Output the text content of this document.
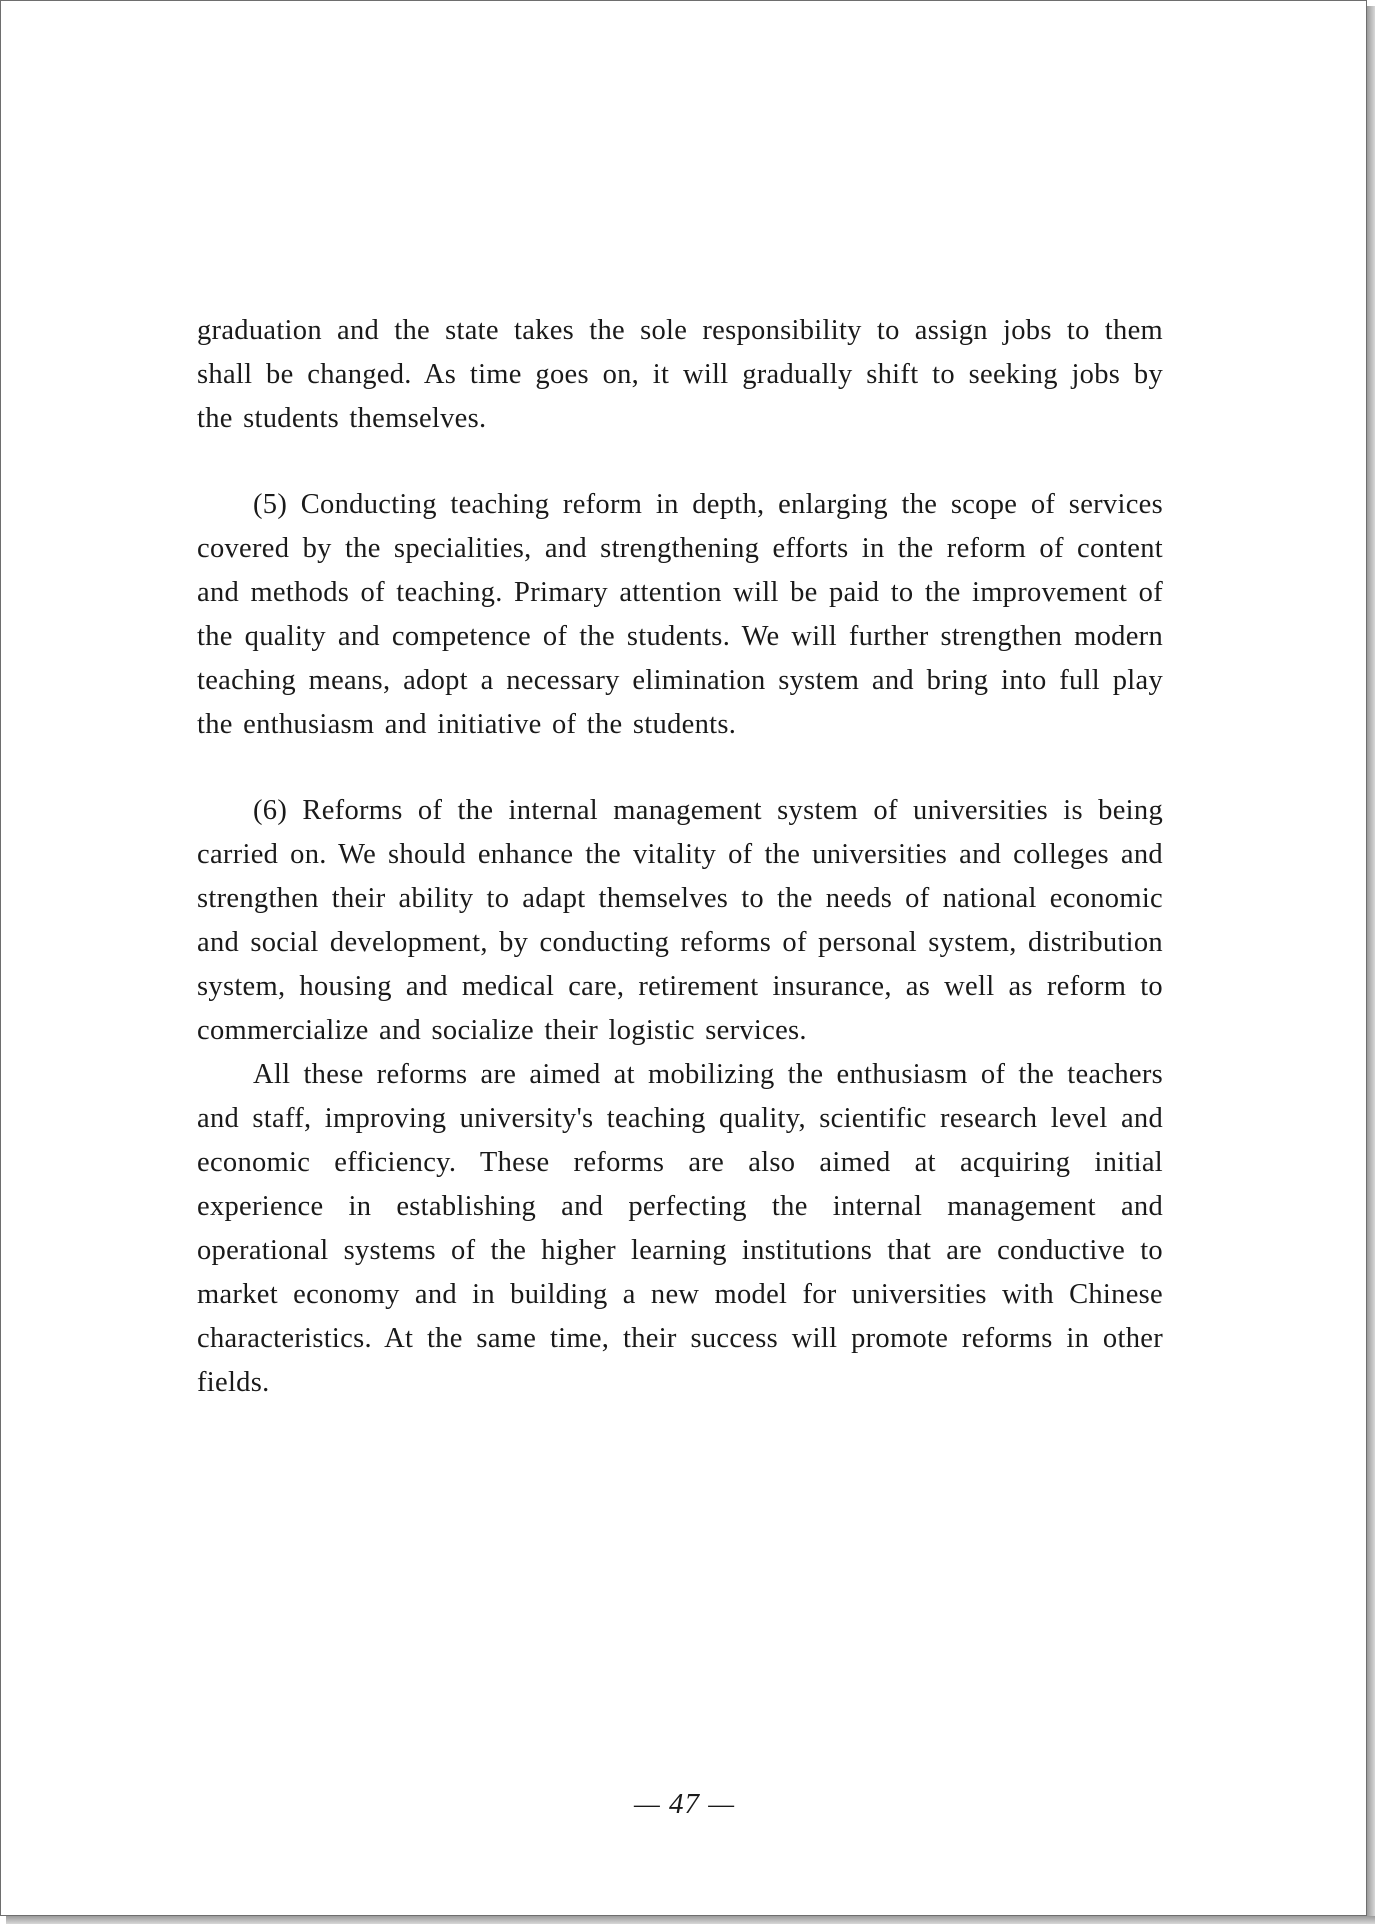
graduation and the state takes the sole responsibility to assign jobs to them shall be changed. As time goes on, it will gradually shift to seeking jobs by the students themselves.

(5) Conducting teaching reform in depth, enlarging the scope of services covered by the specialities, and strengthening efforts in the reform of content and methods of teaching. Primary attention will be paid to the improvement of the quality and competence of the students. We will further strengthen modern teaching means, adopt a necessary elimination system and bring into full play the enthusiasm and initiative of the students.

(6) Reforms of the internal management system of universities is being carried on. We should enhance the vitality of the universities and colleges and strengthen their ability to adapt themselves to the needs of national economic and social development, by conducting reforms of personal system, distribution system, housing and medical care, retirement insurance, as well as reform to commercialize and socialize their logistic services.

All these reforms are aimed at mobilizing the enthusiasm of the teachers and staff, improving university's teaching quality, scientific research level and economic efficiency. These reforms are also aimed at acquiring initial experience in establishing and perfecting the internal management and operational systems of the higher learning institutions that are conductive to market economy and in building a new model for universities with Chinese characteristics. At the same time, their success will promote reforms in other fields.

— 47 —
